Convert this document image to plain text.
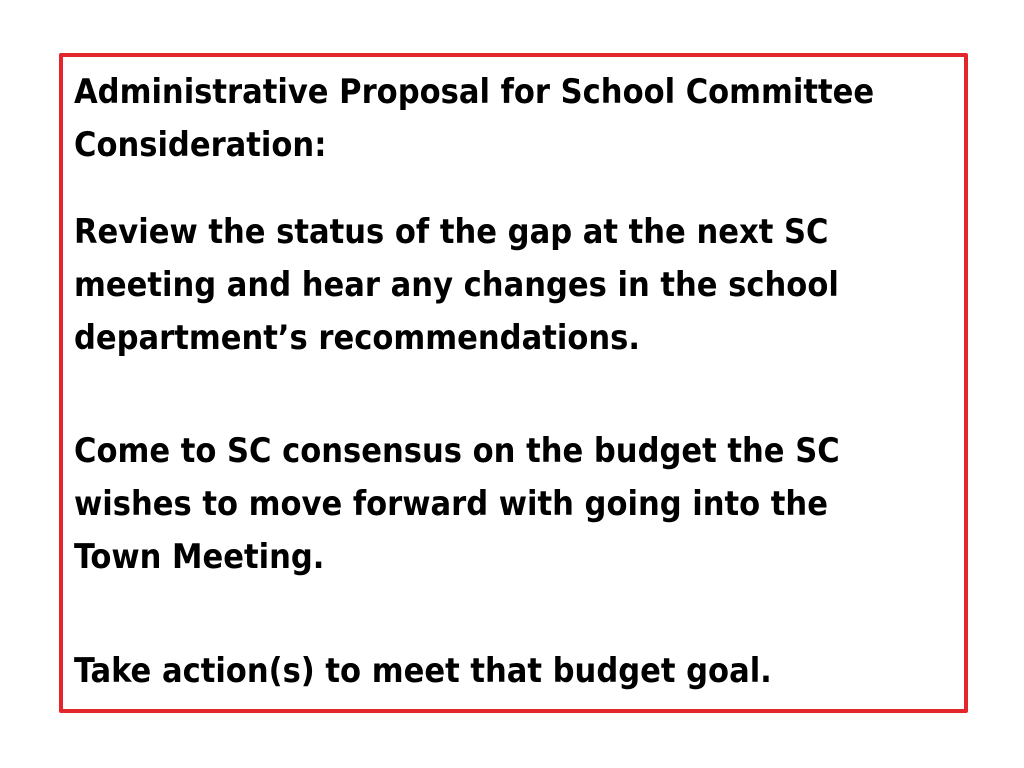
Administrative Proposal for School Committee
Consideration:

Review the status of the gap at the next SC
meeting and hear any changes in the school
department’s recommendations.

Come to SC consensus on the budget the SC
wishes to move forward with going into the
Town Meeting.

Take action(s) to meet that budget goal.
